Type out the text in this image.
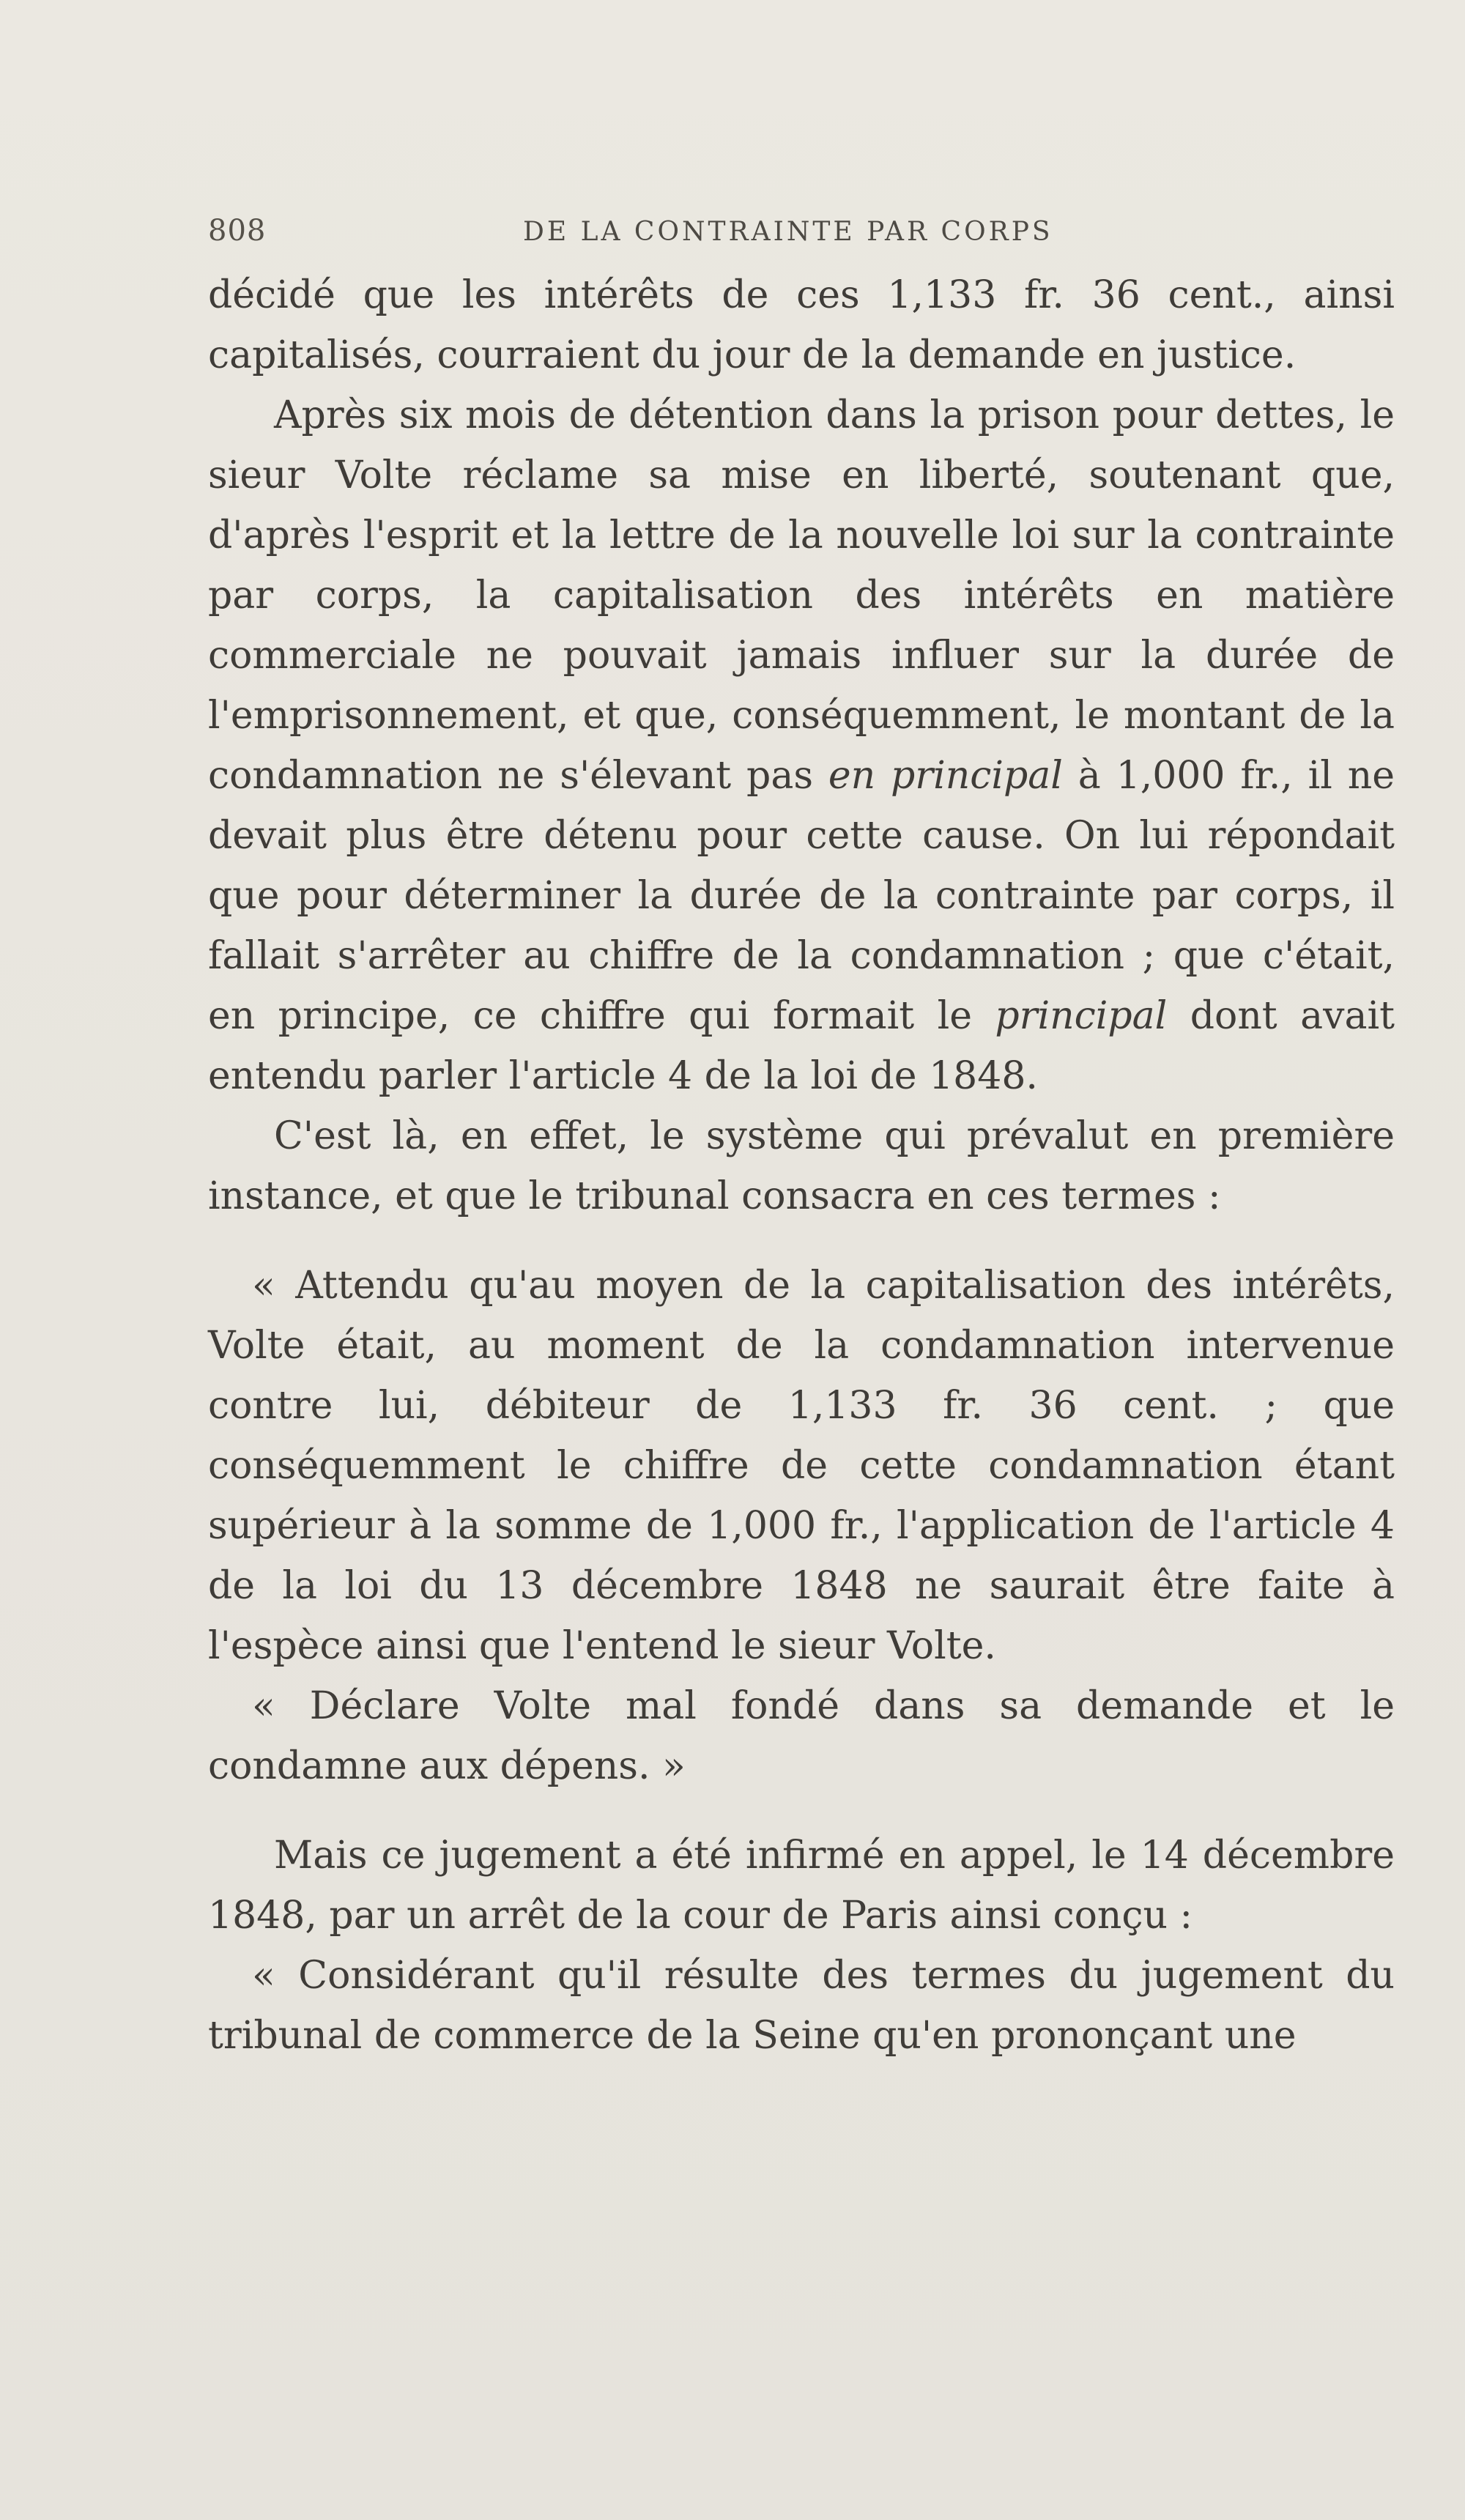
808	DE LA CONTRAINTE PAR CORPS

décidé que les intérêts de ces 1,133 fr. 36 cent., ainsi capitalisés, courraient du jour de la demande en justice.

Après six mois de détention dans la prison pour dettes, le sieur Volte réclame sa mise en liberté, soutenant que, d'après l'esprit et la lettre de la nouvelle loi sur la contrainte par corps, la capitalisation des intérêts en matière commerciale ne pouvait jamais influer sur la durée de l'emprisonnement, et que, conséquemment, le montant de la condamnation ne s'élevant pas en principal à 1,000 fr., il ne devait plus être détenu pour cette cause. On lui répondait que pour déterminer la durée de la contrainte par corps, il fallait s'arrêter au chiffre de la condamnation ; que c'était, en principe, ce chiffre qui formait le principal dont avait entendu parler l'article 4 de la loi de 1848.

C'est là, en effet, le système qui prévalut en première instance, et que le tribunal consacra en ces termes :

« Attendu qu'au moyen de la capitalisation des intérêts, Volte était, au moment de la condamnation intervenue contre lui, débiteur de 1,133 fr. 36 cent. ; que conséquemment le chiffre de cette condamnation étant supérieur à la somme de 1,000 fr., l'application de l'article 4 de la loi du 13 décembre 1848 ne saurait être faite à l'espèce ainsi que l'entend le sieur Volte.

« Déclare Volte mal fondé dans sa demande et le condamne aux dépens. »

Mais ce jugement a été infirmé en appel, le 14 décembre 1848, par un arrêt de la cour de Paris ainsi conçu :

« Considérant qu'il résulte des termes du jugement du tribunal de commerce de la Seine qu'en prononçant une
